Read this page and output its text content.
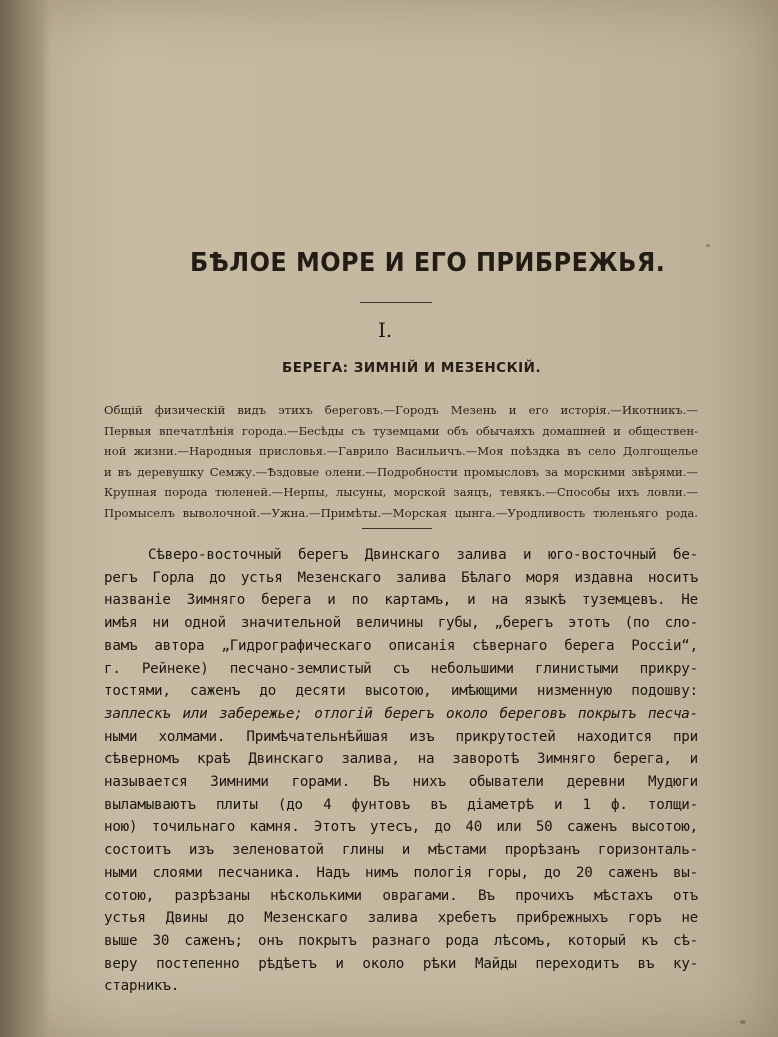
БѢЛОЕ МОРЕ И ЕГО ПРИБРЕЖЬЯ.
I.
БЕРЕГА: ЗИМНІЙ И МЕЗЕНСКІЙ.
Общій физическій видъ этихъ береговъ.—Городъ Мезень и его исторія.—Икотникъ.—
Первыя впечатлѣнія города.—Бесѣды съ туземцами объ обычаяхъ домашней и обществен-
ной жизни.—Народныя присловья.—Гаврило Васильичъ.—Моя поѣздка въ село Долгощелье
и въ деревушку Семжу.—Ѣздовые олени.—Подробности промысловъ за морскими звѣрями.—
Крупная порода тюленей.—Нерпы, лысуны, морской заяцъ, тевякъ.—Способы ихъ ловли.—
Промыселъ выволочной.—Ужна.—Примѣты.—Морская цынга.—Уродливость тюленьяго рода.
Сѣверо-восточный берегъ Двинскаго залива и юго-восточный бе-
регъ Горла до устья Мезенскаго залива Бѣлаго моря издавна носитъ
названіе Зимняго берега и по картамъ, и на языкѣ туземцевъ. Не
имѣя ни одной значительной величины губы, „берегъ этотъ (по сло-
вамъ автора „Гидрографическаго описанія сѣвернаго берега Россіи“,
г. Рейнеке) песчано-землистый съ небольшими глинистыми прикру-
тостями, саженъ до десяти высотою, имѣющими низменную подошву:
заплескъ или забережье; отлогій берегъ около береговъ покрытъ песча-
ными холмами. Примѣчательнѣйшая изъ прикрутостей находится при
сѣверномъ краѣ Двинскаго залива, на заворотѣ Зимняго берега, и
называется Зимними горами. Въ нихъ обыватели деревни Мудюги
выламываютъ плиты (до 4 фунтовъ въ діаметрѣ и 1 ф. толщи-
ною) точильнаго камня. Этотъ утесъ, до 40 или 50 саженъ высотою,
состоитъ изъ зеленоватой глины и мѣстами прорѣзанъ горизонталь-
ными слоями песчаника. Надъ нимъ пологія горы, до 20 саженъ вы-
сотою, разрѣзаны нѣсколькими оврагами. Въ прочихъ мѣстахъ отъ
устья Двины до Мезенскаго залива хребетъ прибрежныхъ горъ не
выше 30 саженъ; онъ покрытъ разнаго рода лѣсомъ, который къ сѣ-
веру постепенно рѣдѣетъ и около рѣки Майды переходитъ въ ку-
старникъ.
